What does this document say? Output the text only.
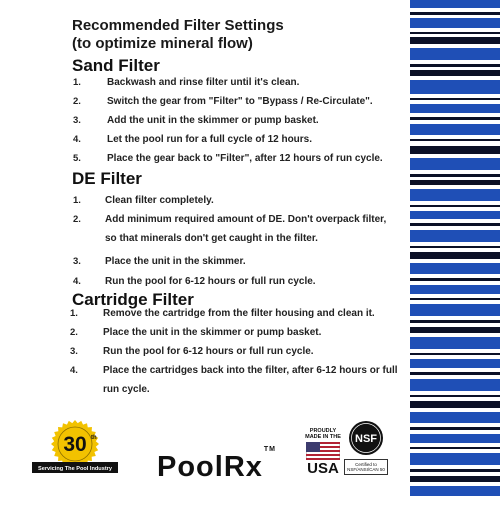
Recommended Filter Settings
(to optimize mineral flow)
Sand Filter
1.	Backwash and rinse filter until it's clean.
2.	Switch the gear from "Filter" to "Bypass / Re-Circulate".
3.	Add the unit in the skimmer or pump basket.
4.	Let the pool run for a full cycle of 12 hours.
5.	Place the gear back to "Filter", after 12 hours of run cycle.
DE Filter
1. Clean filter completely.
2. Add minimum required amount of DE. Don't overpack filter,
so that minerals don't get caught in the filter.
3. Place the unit in the skimmer.
4. Run the pool for 6-12 hours or full run cycle.
Cartridge Filter
1.	Remove the cartridge from the filter housing and clean it.
2.	Place the unit in the skimmer or pump basket.
3.	Run the pool for 6-12 hours or full run cycle.
4.	Place the cartridges back into the filter, after 6-12 hours or full
run cycle.
30 th
Servicing The Pool Industry PoolRx™
PROUDLY
MADE IN THE
USA
NSF
Certified to
NSF/ANSI/CAN 50
